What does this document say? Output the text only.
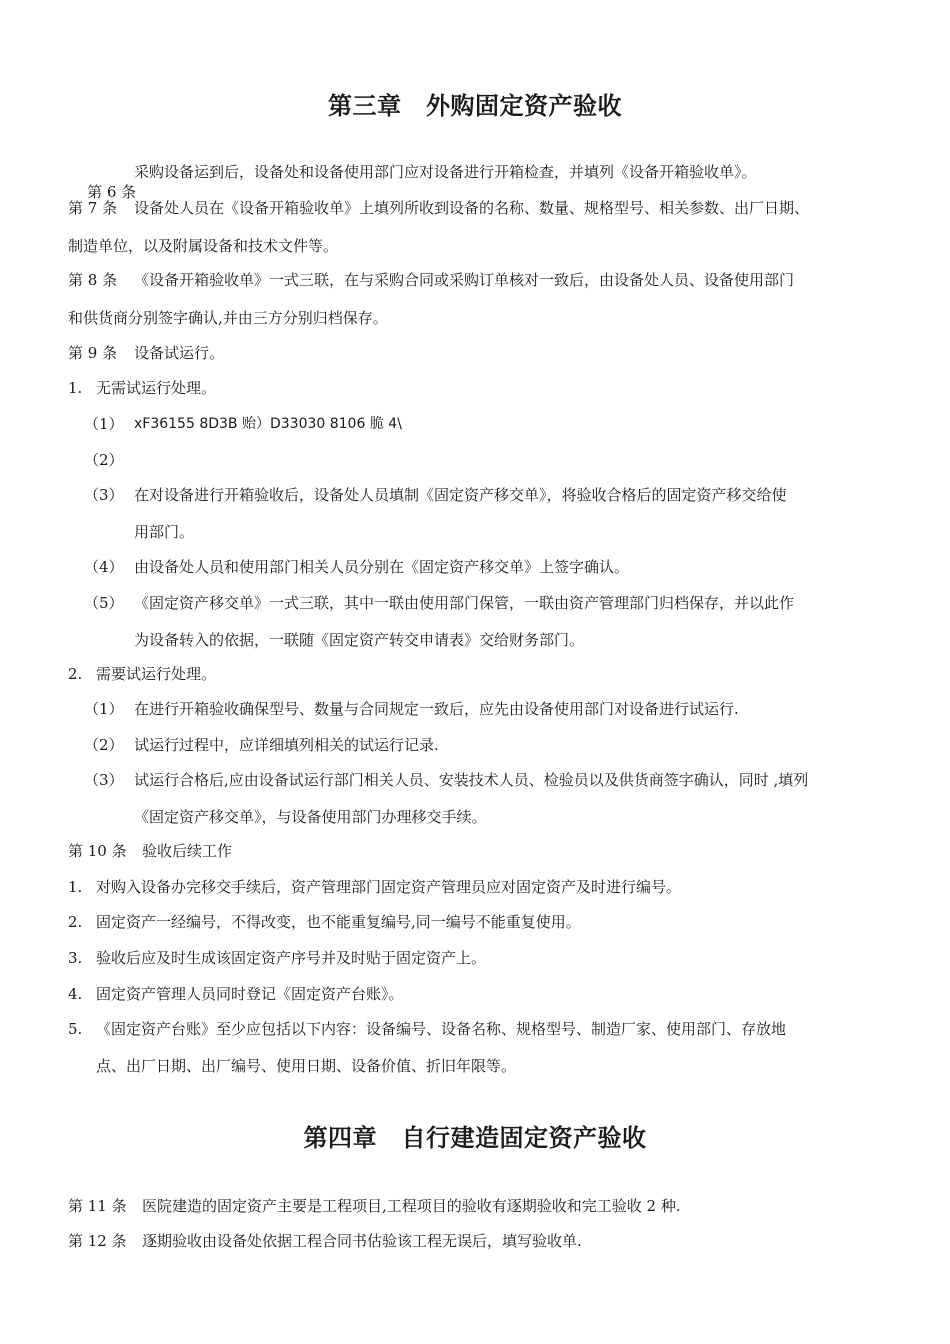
第三章　外购固定资产验收

第 6 条

采购设备运到后，设备处和设备使用部门应对设备进行开箱检查，并填列《设备开箱验收单》。
第 7 条 设备处人员在《设备开箱验收单》上填列所收到设备的名称、数量、规格型号、相关参数、出厂日期、
制造单位，以及附属设备和技术文件等。
第 8 条 《设备开箱验收单》一式三联，在与采购合同或采购订单核对一致后，由设备处人员、设备使用部门
和供货商分别签字确认,并由三方分别归档保存。
第 9 条 设备试运行。
1. 无需试运行处理。
（1） xF36155 8D3B 贻）D33030 8106 脆 4\
（2）
（3） 在对设备进行开箱验收后，设备处人员填制《固定资产移交单》，将验收合格后的固定资产移交给使
用部门。
（4） 由设备处人员和使用部门相关人员分别在《固定资产移交单》上签字确认。
（5） 《固定资产移交单》一式三联，其中一联由使用部门保管，一联由资产管理部门归档保存，并以此作
为设备转入的依据，一联随《固定资产转交申请表》交给财务部门。
2. 需要试运行处理。
（1） 在进行开箱验收确保型号、数量与合同规定一致后，应先由设备使用部门对设备进行试运行.
（2） 试运行过程中，应详细填列相关的试运行记录.
（3） 试运行合格后,应由设备试运行部门相关人员、安装技术人员、检验员以及供货商签字确认，同时 ,填列
《固定资产移交单》，与设备使用部门办理移交手续。
第 10 条 验收后续工作
1. 对购入设备办完移交手续后，资产管理部门固定资产管理员应对固定资产及时进行编号。
2. 固定资产一经编号，不得改变，也不能重复编号,同一编号不能重复使用。
3. 验收后应及时生成该固定资产序号并及时贴于固定资产上。
4. 固定资产管理人员同时登记《固定资产台账》。
5. 《固定资产台账》至少应包括以下内容：设备编号、设备名称、规格型号、制造厂家、使用部门、存放地
点、出厂日期、出厂编号、使用日期、设备价值、折旧年限等。
第四章　自行建造固定资产验收
第 11 条 医院建造的固定资产主要是工程项目,工程项目的验收有逐期验收和完工验收 2 种.
第 12 条 逐期验收由设备处依据工程合同书估验该工程无误后，填写验收单.
